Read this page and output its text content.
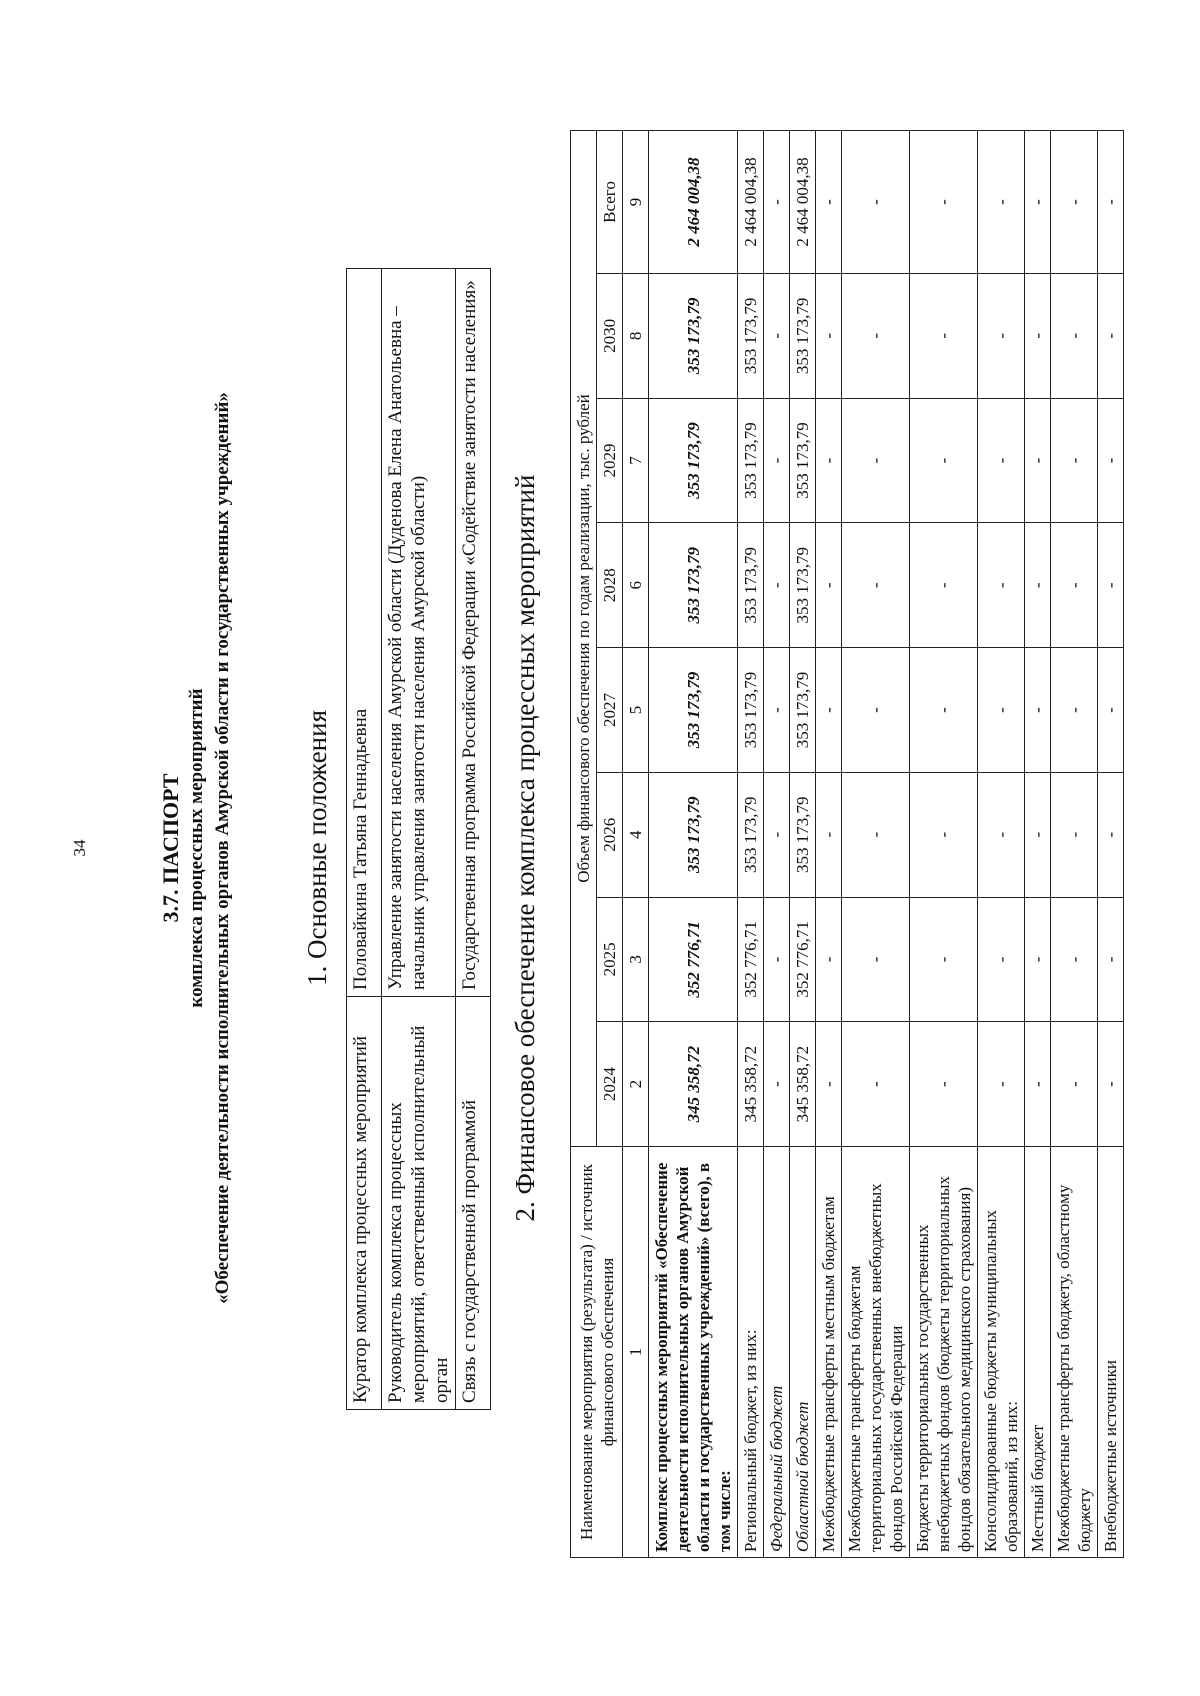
34	3.7. ПАСПОРТ комплекса процессных мероприятий «Обеспечение деятельности исполнительных органов Амурской области и государственных учреждений»	1. Основные положения
Куратор комплекса процессных мероприятий	Половайкина Татьяна Геннадьевна
Руководитель комплекса процессных мероприятий, ответственный исполнительный орган	Управление занятости населения Амурской области (Дуденова Елена Анатольевна – начальник управления занятости населения Амурской области)
Связь с государственной программой	Государственная программа Российской Федерации «Содействие занятости населения» 2. Финансовое обеспечение комплекса процессных мероприятий
Наименование мероприятия (результата) / источник финансового обеспечения	Объем финансового обеспечения по годам реализации, тыс. рублей							
	2024	2025	2026	2027	2028	2029	2030	Всего
1	2	3	4	5	6	7	8	9
Комплекс процессных мероприятий «Обеспечение деятельности исполнительных органов Амурской области и государственных учреждений» (всего), в том числе:	345 358,72	352 776,71	353 173,79	353 173,79	353 173,79	353 173,79	353 173,79	2 464 004,38
Региональный бюджет, из них:	345 358,72	352 776,71	353 173,79	353 173,79	353 173,79	353 173,79	353 173,79	2 464 004,38
Федеральный бюджет	-	-	-	-	-	-	-	-
Областной бюджет	345 358,72	352 776,71	353 173,79	353 173,79	353 173,79	353 173,79	353 173,79	2 464 004,38
Межбюджетные трансферты местным бюджетам	-	-	-	-	-	-	-	-
Межбюджетные трансферты бюджетам территориальных государственных внебюджетных фондов Российской Федерации	-	-	-	-	-	-	-	-
Бюджеты территориальных государственных внебюджетных фондов (бюджеты территориальных фондов обязательного медицинского страхования)	-	-	-	-	-	-	-	-
Консолидированные бюджеты муниципальных образований, из них:	-	-	-	-	-	-	-	-
Местный бюджет	-	-	-	-	-	-	-	-
Межбюджетные трансферты бюджету, областному бюджету	-	-	-	-	-	-	-	-
Внебюджетные источники	-	-	-	-	-	-	-	-
